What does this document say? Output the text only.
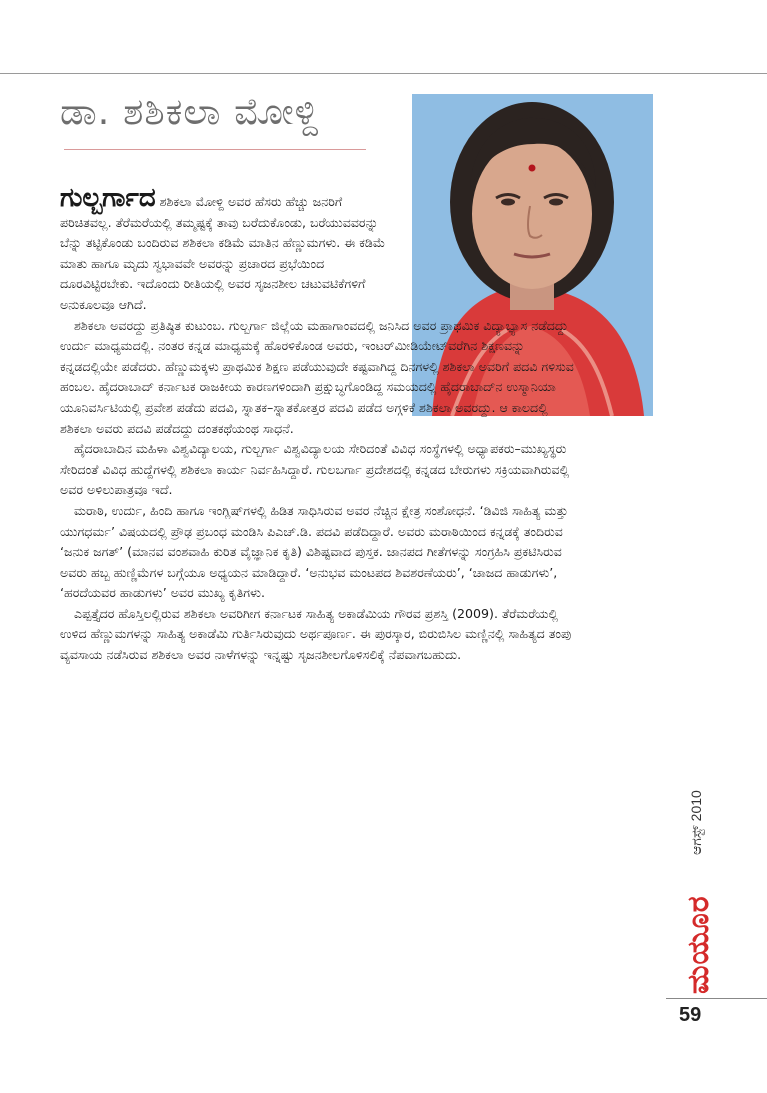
ಡಾ. ಶಶಿಕಲಾ ಮೋಳ್ದಿ

ಗುಲ್ಬರ್ಗಾದ ಶಶಿಕಲಾ ಮೋಳ್ದಿ ಅವರ ಹೆಸರು ಹೆಚ್ಚು ಜನರಿಗೆ ಪರಿಚಿತವಲ್ಲ. ತೆರೆಮರೆಯಲ್ಲಿ ತಮ್ಮಷ್ಟಕ್ಕೆ ತಾವು ಬರೆದುಕೊಂಡು, ಬರೆಯುವವರನ್ನು ಬೆನ್ನು ತಟ್ಟಿಕೊಂಡು ಬಂದಿರುವ ಶಶಿಕಲಾ ಕಡಿಮೆ ಮಾತಿನ ಹೆಣ್ಣುಮಗಳು. ಈ ಕಡಿಮೆ ಮಾತು ಹಾಗೂ ಮೃದು ಸ್ವಭಾವವೇ ಅವರನ್ನು ಪ್ರಚಾರದ ಪ್ರಭೆಯಿಂದ ದೂರವಿಟ್ಟಿರಬೇಕು. ಇದೊಂದು ರೀತಿಯಲ್ಲಿ ಅವರ ಸೃಜನಶೀಲ ಚಟುವಟಿಕೆಗಳಿಗೆ ಅನುಕೂಲವೂ ಆಗಿದೆ.

ಶಶಿಕಲಾ ಅವರದ್ದು ಪ್ರತಿಷ್ಠಿತ ಕುಟುಂಬ. ಗುಲ್ಬರ್ಗಾ ಜಿಲ್ಲೆಯ ಮಹಾಗಾಂವದಲ್ಲಿ ಜನಿಸಿದ ಅವರ ಪ್ರಾಥಮಿಕ ವಿದ್ಯಾಭ್ಯಾಸ ನಡೆದದ್ದು ಉರ್ದು ಮಾಧ್ಯಮದಲ್ಲಿ. ನಂತರ ಕನ್ನಡ ಮಾಧ್ಯಮಕ್ಕೆ ಹೊರಳಿಕೊಂಡ ಅವರು, ಇಂಟರ್‌ಮೀಡಿಯೇಟ್‌ವರೆಗಿನ ಶಿಕ್ಷಣವನ್ನು ಕನ್ನಡದಲ್ಲಿಯೇ ಪಡೆದರು. ಹೆಣ್ಣುಮಕ್ಕಳು ಪ್ರಾಥಮಿಕ ಶಿಕ್ಷಣ ಪಡೆಯುವುದೇ ಕಷ್ಟವಾಗಿದ್ದ ದಿನಗಳಲ್ಲಿ ಶಶಿಕಲಾ ಅವರಿಗೆ ಪದವಿ ಗಳಿಸುವ ಹಂಬಲ. ಹೈದರಾಬಾದ್ ಕರ್ನಾಟಕ ರಾಜಕೀಯ ಕಾರಣಗಳಿಂದಾಗಿ ಪ್ರಕ್ಷುಬ್ಧಗೊಂಡಿದ್ದ ಸಮಯದಲ್ಲಿ ಹೈದರಾಬಾದ್‌ನ ಉಸ್ಮಾನಿಯಾ ಯೂನಿವರ್ಸಿಟಿಯಲ್ಲಿ ಪ್ರವೇಶ ಪಡೆದು ಪದವಿ, ಸ್ನಾತಕ–ಸ್ನಾತಕೋತ್ತರ ಪದವಿ ಪಡೆದ ಅಗ್ಗಳಿಕೆ ಶಶಿಕಲಾ ಅವರದ್ದು. ಆ ಕಾಲದಲ್ಲಿ ಶಶಿಕಲಾ ಅವರು ಪದವಿ ಪಡೆದದ್ದು ದಂತಕಥೆಯಂಥ ಸಾಧನೆ.

ಹೈದರಾಬಾದಿನ ಮಹಿಳಾ ವಿಶ್ವವಿದ್ಯಾಲಯ, ಗುಲ್ಬರ್ಗಾ ವಿಶ್ವವಿದ್ಯಾಲಯ ಸೇರಿದಂತೆ ವಿವಿಧ ಸಂಸ್ಥೆಗಳಲ್ಲಿ ಅಧ್ಯಾಪಕರು–ಮುಖ್ಯಸ್ಥರು ಸೇರಿದಂತೆ ವಿವಿಧ ಹುದ್ದೆಗಳಲ್ಲಿ ಶಶಿಕಲಾ ಕಾರ್ಯ ನಿರ್ವಹಿಸಿದ್ದಾರೆ. ಗುಲಬರ್ಗಾ ಪ್ರದೇಶದಲ್ಲಿ ಕನ್ನಡದ ಬೇರುಗಳು ಸಕ್ರಿಯವಾಗಿರುವಲ್ಲಿ ಅವರ ಅಳಿಲುಪಾತ್ರವೂ ಇದೆ.

ಮರಾಠಿ, ಉರ್ದು, ಹಿಂದಿ ಹಾಗೂ ಇಂಗ್ಲಿಷ್‌ಗಳಲ್ಲಿ ಹಿಡಿತ ಸಾಧಿಸಿರುವ ಅವರ ನೆಚ್ಚಿನ ಕ್ಷೇತ್ರ ಸಂಶೋಧನೆ. ‘ಡಿವಿಜಿ ಸಾಹಿತ್ಯ ಮತ್ತು ಯುಗಧರ್ಮ’ ವಿಷಯದಲ್ಲಿ ಪ್ರೌಢ ಪ್ರಬಂಧ ಮಂಡಿಸಿ ಪಿಎಚ್.ಡಿ. ಪದವಿ ಪಡೆದಿದ್ದಾರೆ. ಅವರು ಮರಾಠಿಯಿಂದ ಕನ್ನಡಕ್ಕೆ ತಂದಿರುವ ‘ಜನುಕ ಜಗತ್’ (ಮಾನವ ವಂಶವಾಹಿ ಕುರಿತ ವೈಜ್ಞಾನಿಕ ಕೃತಿ) ವಿಶಿಷ್ಟವಾದ ಪುಸ್ತಕ. ಜಾನಪದ ಗೀತೆಗಳನ್ನು ಸಂಗ್ರಹಿಸಿ ಪ್ರಕಟಿಸಿರುವ ಅವರು ಹಬ್ಬ ಹುಣ್ಣಿಮೆಗಳ ಬಗ್ಗೆಯೂ ಅಧ್ಯಯನ ಮಾಡಿದ್ದಾರೆ. ‘ಅನುಭವ ಮಂಟಪದ ಶಿವಶರಣೆಯರು’, ‘ಚಾಜದ ಹಾಡುಗಳು’, ‘ಹರದೆಯವರ ಹಾಡುಗಳು’ ಅವರ ಮುಖ್ಯ ಕೃತಿಗಳು.

ಎಪ್ಪತ್ತೈದರ ಹೊಸ್ತಿಲಲ್ಲಿರುವ ಶಶಿಕಲಾ ಅವರಿಗೀಗ ಕರ್ನಾಟಕ ಸಾಹಿತ್ಯ ಅಕಾಡೆಮಿಯ ಗೌರವ ಪ್ರಶಸ್ತಿ (2009). ತೆರೆಮರೆಯಲ್ಲಿ ಉಳಿದ ಹೆಣ್ಣುಮಗಳನ್ನು ಸಾಹಿತ್ಯ ಅಕಾಡೆಮಿ ಗುರ್ತಿಸಿರುವುದು ಅರ್ಥಪೂರ್ಣ. ಈ ಪುರಸ್ಕಾರ, ಬಿರುಬಿಸಿಲ ಮಣ್ಣಿನಲ್ಲಿ ಸಾಹಿತ್ಯದ ತಂಪು ವ್ಯವಸಾಯ ನಡೆಸಿರುವ ಶಶಿಕಲಾ ಅವರ ನಾಳೆಗಳನ್ನು ಇನ್ನಷ್ಟು ಸೃಜನಶೀಲಗೊಳಿಸಲಿಕ್ಕೆ ನೆಪವಾಗಬಹುದು.

ಆಗಸ್ಟ್ 2010
ಮಯೂರ
59
